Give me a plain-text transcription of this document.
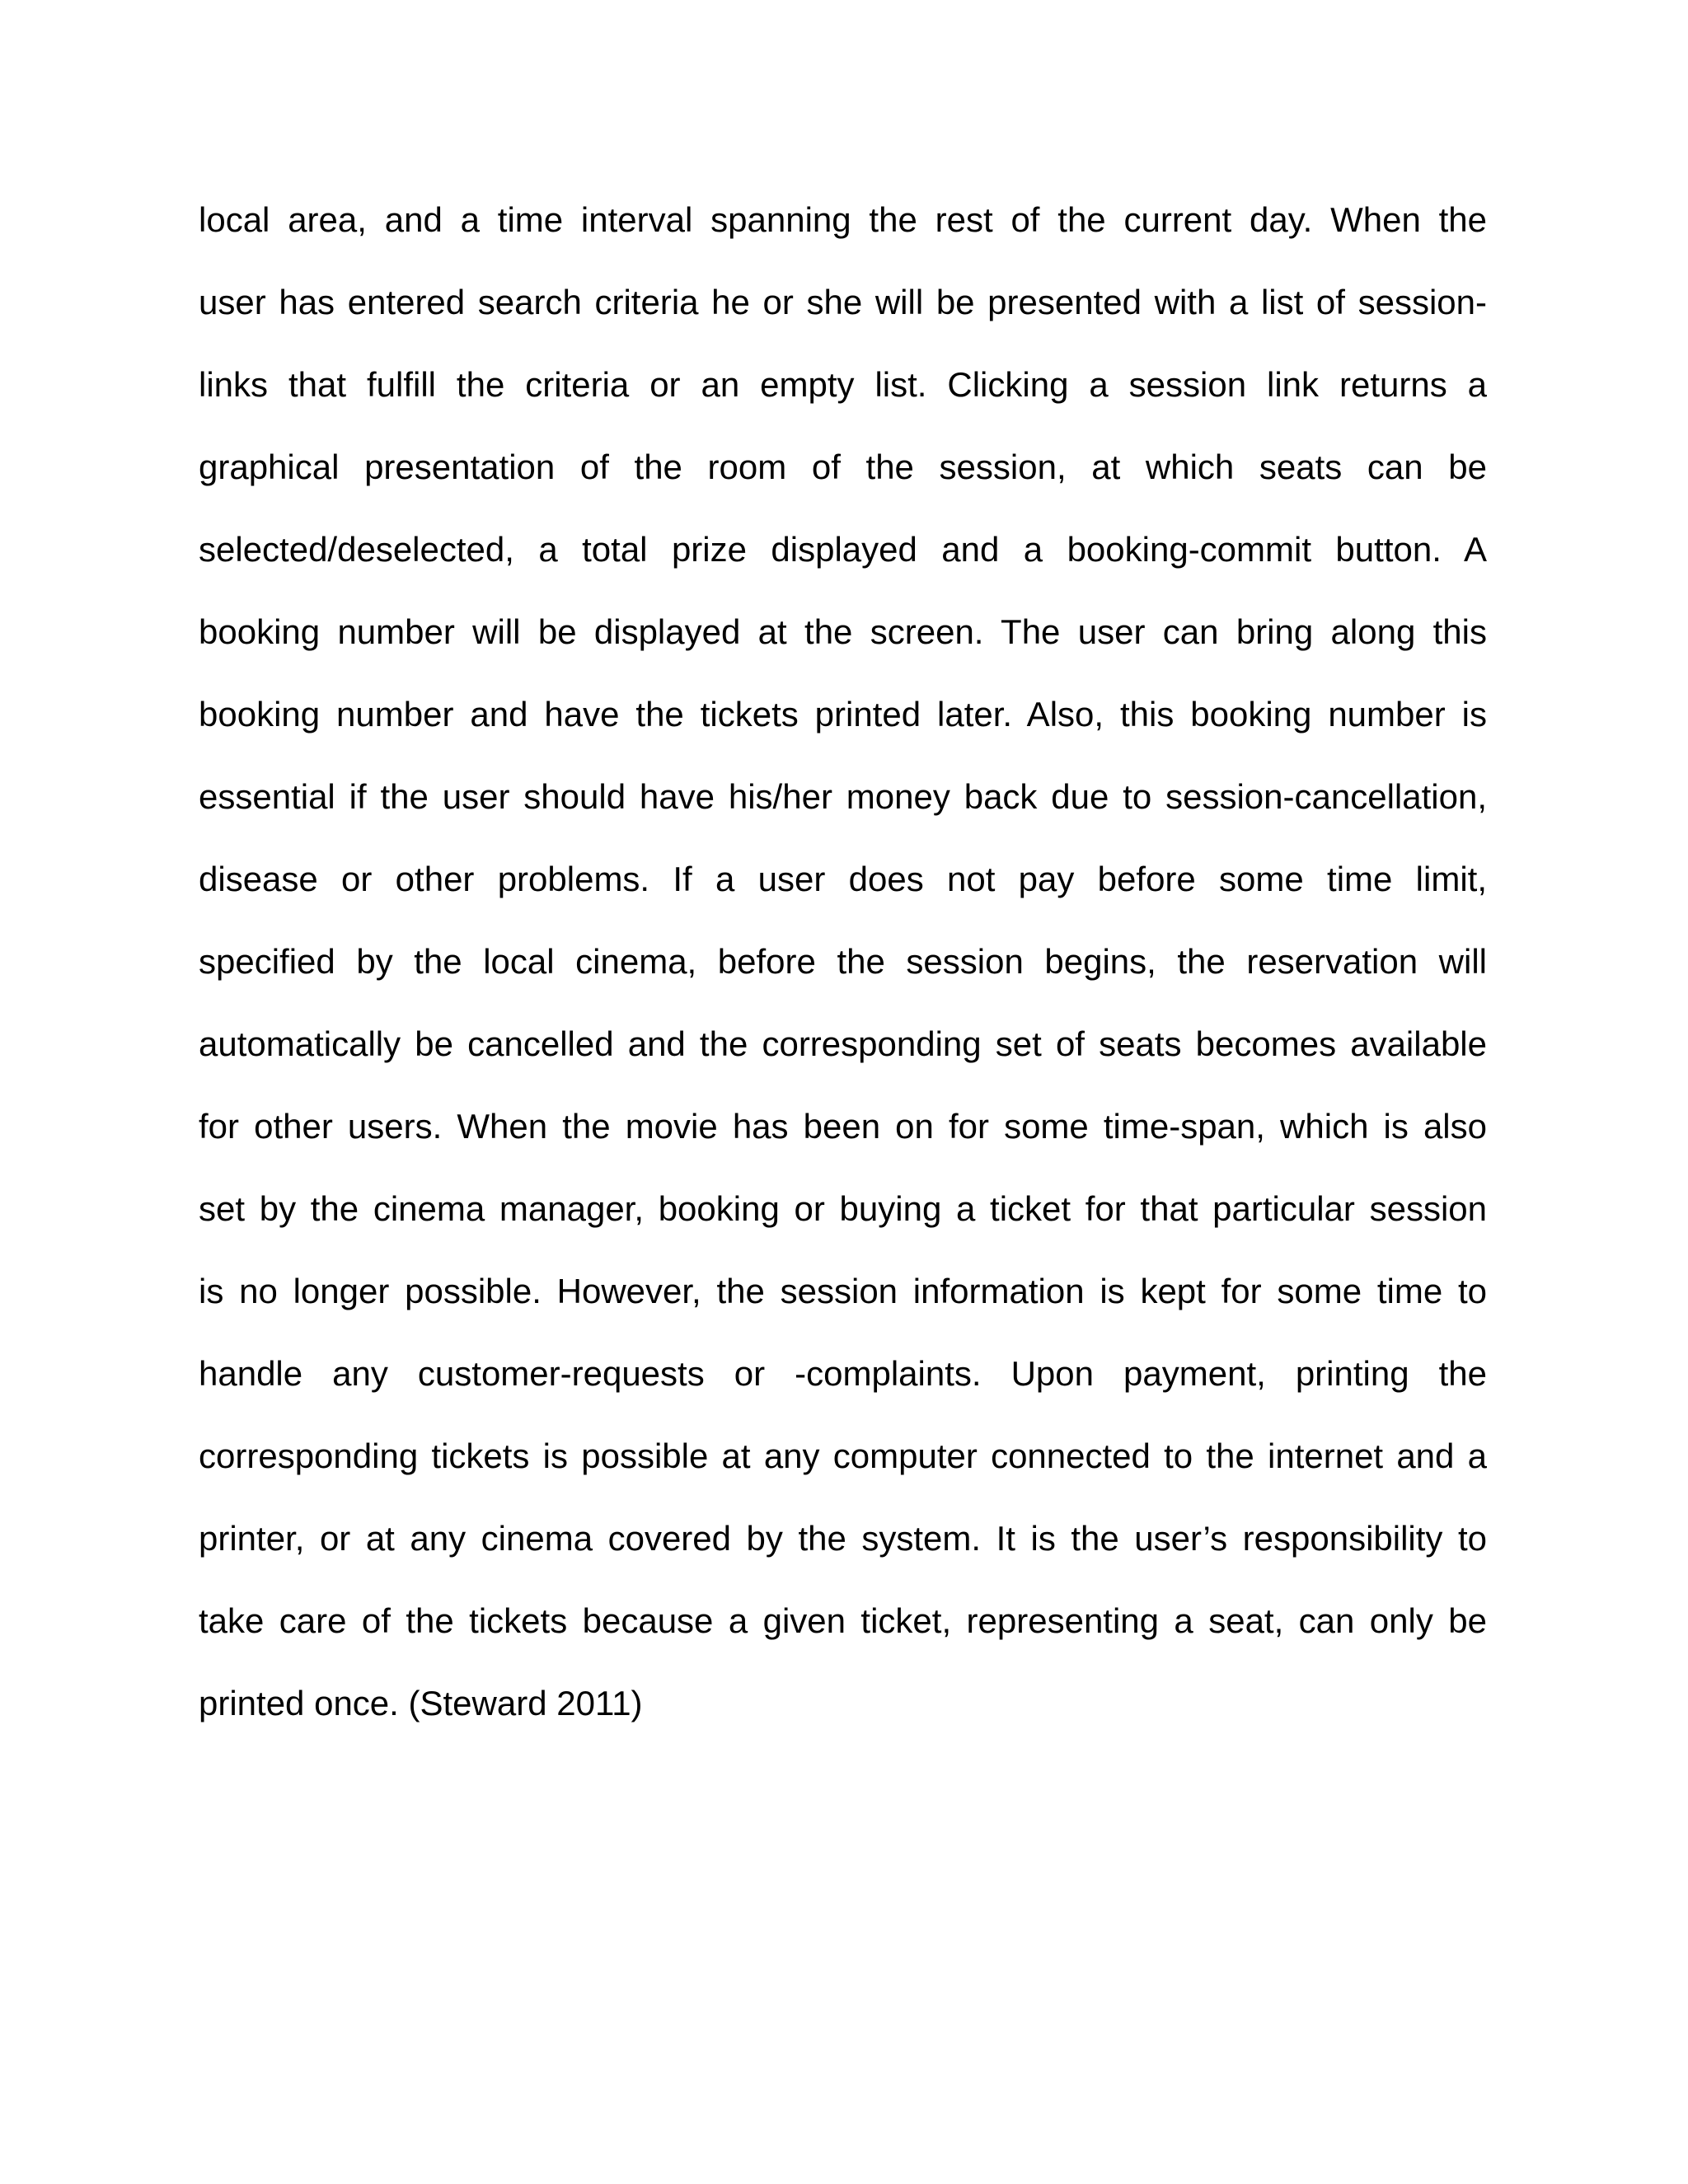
local area, and a time interval spanning the rest of the current day. When the
user has entered search criteria he or she will be presented with a list of session-
links that fulfill the criteria or an empty list. Clicking a session link returns a
graphical presentation of the room of the session, at which seats can be
selected/deselected, a total prize displayed and a booking-commit button. A
booking number will be displayed at the screen. The user can bring along this
booking number and have the tickets printed later. Also, this booking number is
essential if the user should have his/her money back due to session-cancellation,
disease or other problems. If a user does not pay before some time limit,
specified by the local cinema, before the session begins, the reservation will
automatically be cancelled and the corresponding set of seats becomes available
for other users. When the movie has been on for some time-span, which is also
set by the cinema manager, booking or buying a ticket for that particular session
is no longer possible. However, the session information is kept for some time to
handle any customer-requests or -complaints. Upon payment, printing the
corresponding tickets is possible at any computer connected to the internet and a
printer, or at any cinema covered by the system. It is the user’s responsibility to
take care of the tickets because a given ticket, representing a seat, can only be
printed once. (Steward 2011)
